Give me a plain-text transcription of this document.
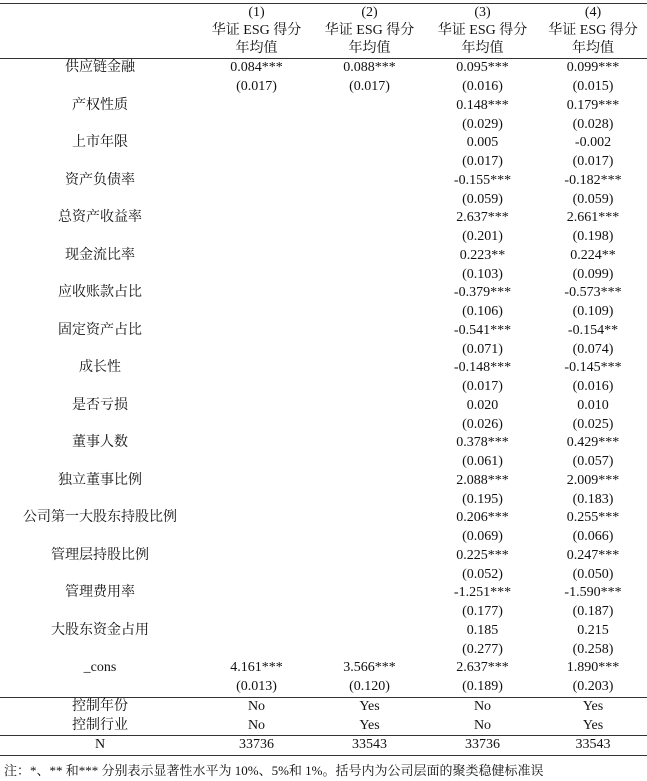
	(1)	(2)	(3)	(4)
	华证 ESG 得分	华证 ESG 得分	华证 ESG 得分	华证 ESG 得分
	年均值	年均值	年均值	年均值
供应链金融	0.084***	0.088***	0.095***	0.099***
	(0.017)	(0.017)	(0.016)	(0.015)
产权性质			0.148***	0.179***
			(0.029)	(0.028)
上市年限			0.005	-0.002
			(0.017)	(0.017)
资产负债率			-0.155***	-0.182***
			(0.059)	(0.059)
总资产收益率			2.637***	2.661***
			(0.201)	(0.198)
现金流比率			0.223**	0.224**
			(0.103)	(0.099)
应收账款占比			-0.379***	-0.573***
			(0.106)	(0.109)
固定资产占比			-0.541***	-0.154**
			(0.071)	(0.074)
成长性			-0.148***	-0.145***
			(0.017)	(0.016)
是否亏损			0.020	0.010
			(0.026)	(0.025)
董事人数			0.378***	0.429***
			(0.061)	(0.057)
独立董事比例			2.088***	2.009***
			(0.195)	(0.183)
公司第一大股东持股比例			0.206***	0.255***
			(0.069)	(0.066)
管理层持股比例			0.225***	0.247***
			(0.052)	(0.050)
管理费用率			-1.251***	-1.590***
			(0.177)	(0.187)
大股东资金占用			0.185	0.215
			(0.277)	(0.258)
_cons	4.161***	3.566***	2.637***	1.890***
	(0.013)	(0.120)	(0.189)	(0.203)
控制年份	No	Yes	No	Yes
控制行业	No	Yes	No	Yes
N	33736	33543	33736	33543
注：*、** 和*** 分别表示显著性水平为 10%、5%和 1%。括号内为公司层面的聚类稳健标准误
